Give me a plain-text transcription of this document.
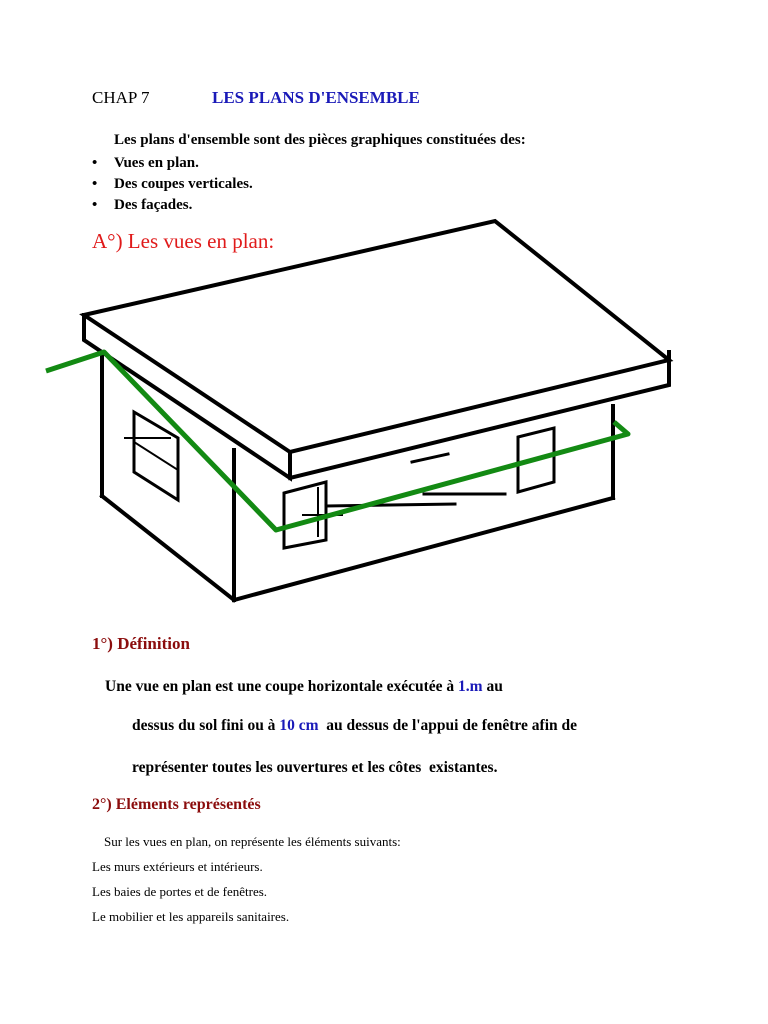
CHAP 7	LES PLANS D'ENSEMBLE
Les plans d'ensemble sont des pièces graphiques constituées des:
• Vues en plan.
• Des coupes verticales.
• Des façades.
A°) Les vues en plan:
1°) Définition
Une vue en plan est une coupe horizontale exécutée à 1.m au
dessus du sol fini ou à 10 cm  au dessus de l'appui de fenêtre afin de
représenter toutes les ouvertures et les côtes  existantes.
2°) Eléments représentés
Sur les vues en plan, on représente les éléments suivants:
Les murs extérieurs et intérieurs.
Les baies de portes et de fenêtres.
Le mobilier et les appareils sanitaires.
